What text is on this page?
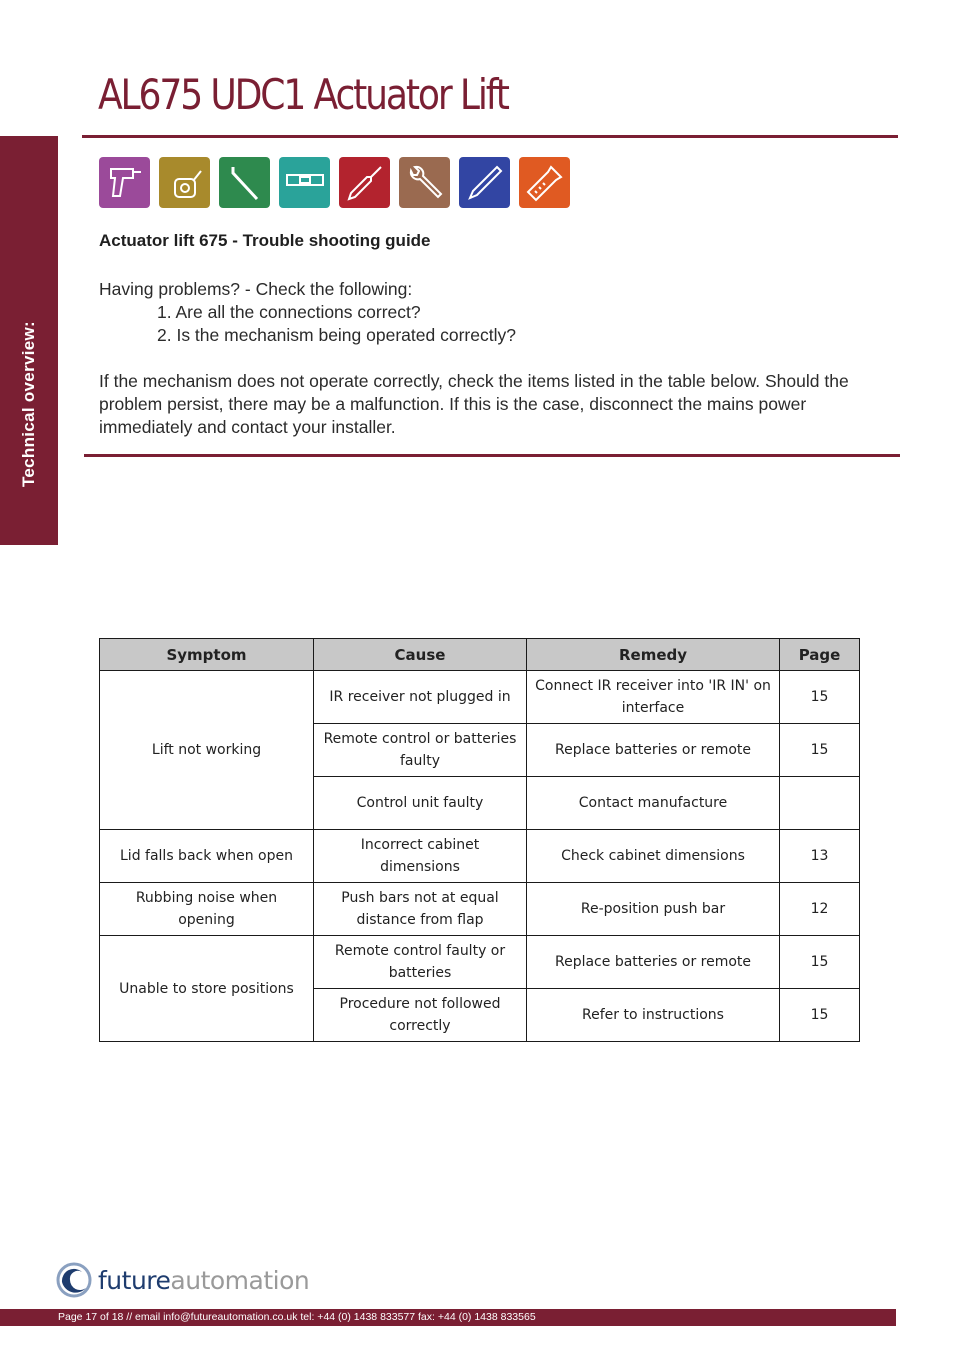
Technical overview:
AL675 UDC1 Actuator Lift
Actuator lift 675 - Trouble shooting guide
Having problems? - Check the following:
1. Are all the connections correct?
2. Is the mechanism being operated correctly?
If the mechanism does not operate correctly, check the items listed in the table below. Should the problem persist, there may be a malfunction. If this is the case, disconnect the mains power immediately and contact your installer.
Symptom	Cause	Remedy	Page
Lift not working	IR receiver not plugged in	Connect IR receiver into 'IR IN' on interface	15
	Remote control or batteries faulty	Replace batteries or remote	15
	Control unit faulty	Contact manufacture	
Lid falls back when open	Incorrect cabinet dimensions	Check cabinet dimensions	13
Rubbing noise when opening	Push bars not at equal distance from flap	Re-position push bar	12
Unable to store positions	Remote control faulty or batteries	Replace batteries or remote	15
	Procedure not followed correctly	Refer to instructions	15
futureautomation
Page 17 of 18 // email info@futureautomation.co.uk tel: +44 (0) 1438 833577 fax: +44 (0) 1438 833565
